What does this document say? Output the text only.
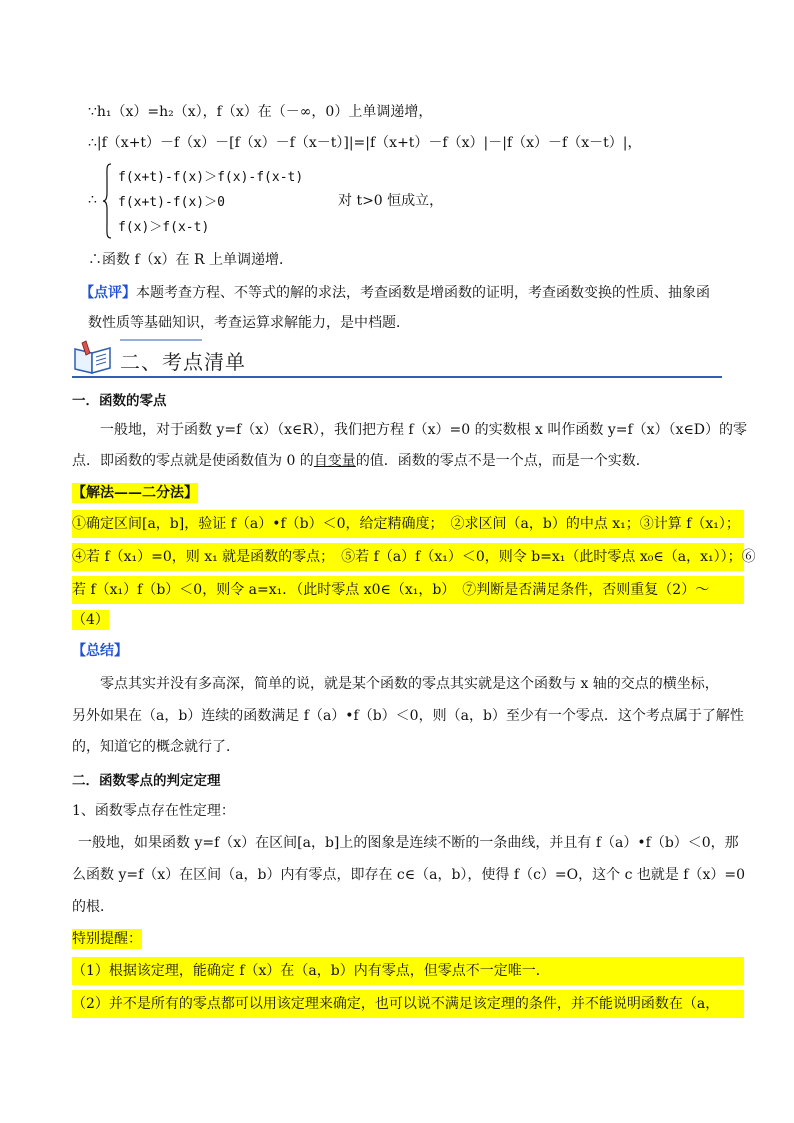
∵h₁（x）=h₂（x），f（x）在（－∞，0）上单调递增，
∴|f（x+t）－f（x）－[f（x）－f（x－t）]|=|f（x+t）－f（x）|－|f（x）－f（x－t）|，
∴
f(x+t)-f(x)＞f(x)-f(x-t)
f(x+t)-f(x)＞0
f(x)＞f(x-t)
对 t>0 恒成立，
∴函数 f（x）在 R 上单调递增．
【点评】本题考查方程、不等式的解的求法，考查函数是增函数的证明，考查函数变换的性质、抽象函
数性质等基础知识，考查运算求解能力，是中档题．
二、考点清单
一．函数的零点
一般地，对于函数 y=f（x）（x∈R），我们把方程 f（x）=0 的实数根 x 叫作函数 y=f（x）（x∈D）的零
点．即函数的零点就是使函数值为 0 的自变量的值．函数的零点不是一个点，而是一个实数．
【解法——二分法】
①确定区间[a，b]，验证 f（a）•f（b）＜0，给定精确度；　②求区间（a，b）的中点 x₁；③计算 f（x₁）；
④若 f（x₁）=0，则 x₁ 就是函数的零点；　⑤若 f（a）f（x₁）＜0，则令 b=x₁（此时零点 x₀∈（a，x₁））；⑥
若 f（x₁）f（b）＜0，则令 a=x₁．（此时零点 x0∈（x₁，b）　⑦判断是否满足条件，否则重复（2）～
（4）
【总结】
零点其实并没有多高深，简单的说，就是某个函数的零点其实就是这个函数与 x 轴的交点的横坐标，
另外如果在（a，b）连续的函数满足 f（a）•f（b）＜0，则（a，b）至少有一个零点．这个考点属于了解性
的，知道它的概念就行了．
二．函数零点的判定定理
1、函数零点存在性定理：
一般地，如果函数 y=f（x）在区间[a，b]上的图象是连续不断的一条曲线，并且有 f（a）•f（b）＜0，那
么函数 y=f（x）在区间（a，b）内有零点，即存在 c∈（a，b），使得 f（c）=O，这个 c 也就是 f（x）=0
的根．
特别提醒：
（1）根据该定理，能确定 f（x）在（a，b）内有零点，但零点不一定唯一．
（2）并不是所有的零点都可以用该定理来确定，也可以说不满足该定理的条件，并不能说明函数在（a，
